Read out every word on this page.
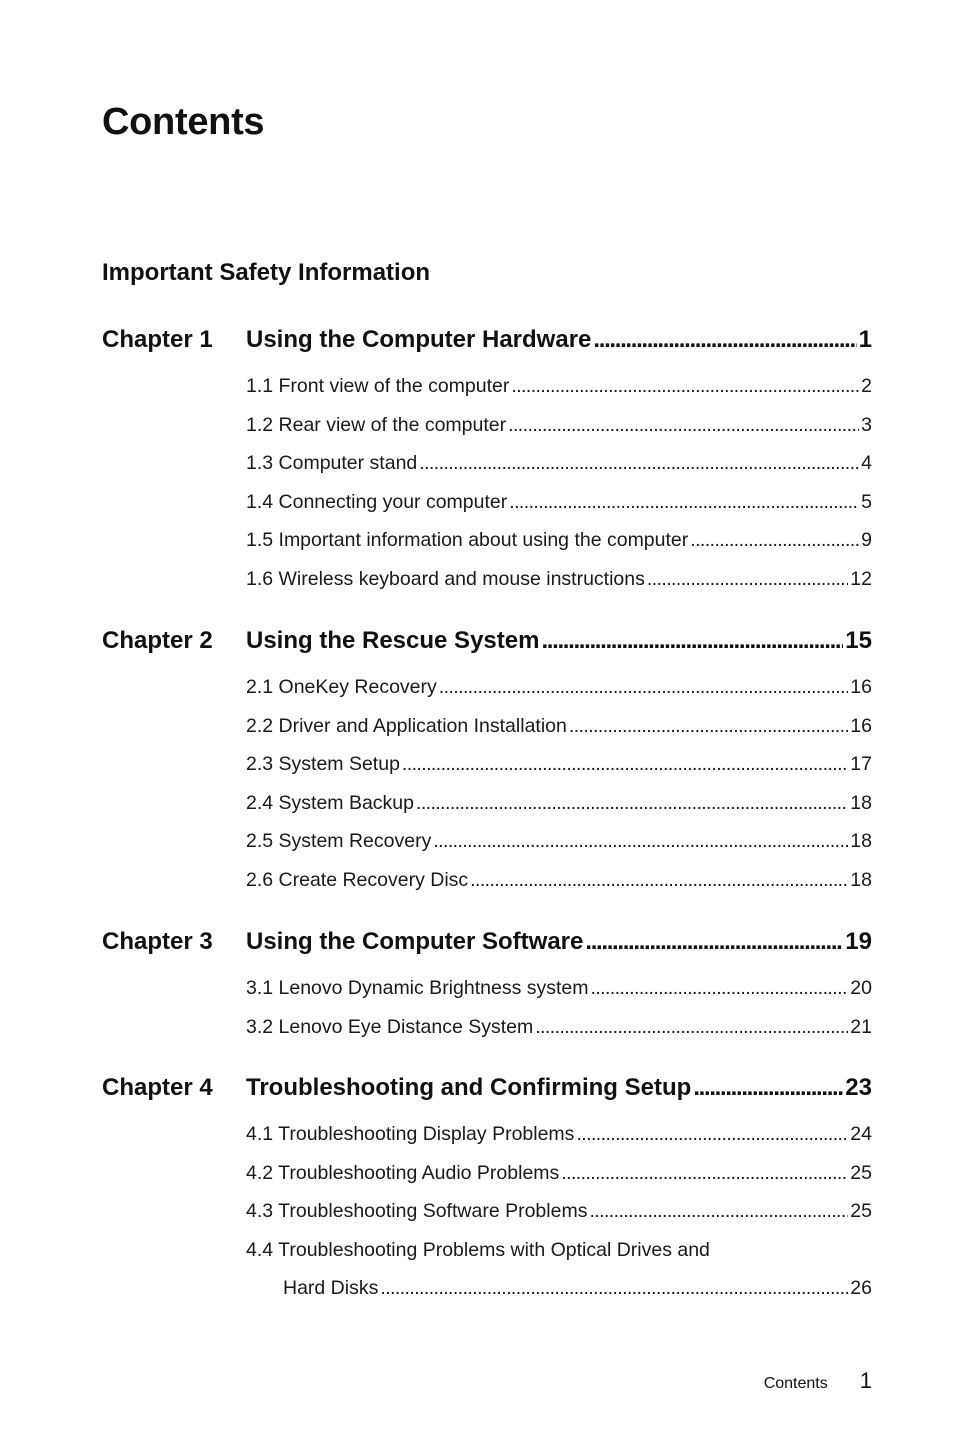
Contents
Important Safety Information
Chapter 1	Using the Computer Hardware . . .	1
1.1 Front view of the computer . . .	2
1.2 Rear view of the computer . . .	3
1.3 Computer stand . . .	4
1.4 Connecting your computer . . .	5
1.5 Important information about using the computer . . .	9
1.6 Wireless keyboard and mouse instructions . . .	12
Chapter 2	Using the Rescue System . . .	15
2.1 OneKey Recovery . . .	16
2.2 Driver and Application Installation . . .	16
2.3 System Setup . . .	17
2.4 System Backup . . .	18
2.5 System Recovery . . .	18
2.6 Create Recovery Disc . . .	18
Chapter 3	Using the Computer Software . . .	19
3.1 Lenovo Dynamic Brightness system . . .	20
3.2 Lenovo Eye Distance System . . .	21
Chapter 4	Troubleshooting and Confirming Setup . . .	23
4.1 Troubleshooting Display Problems . . .	24
4.2 Troubleshooting Audio Problems . . .	25
4.3 Troubleshooting Software Problems . . .	25
4.4 Troubleshooting Problems with Optical Drives and
Hard Disks . . .	26
Contents 1
